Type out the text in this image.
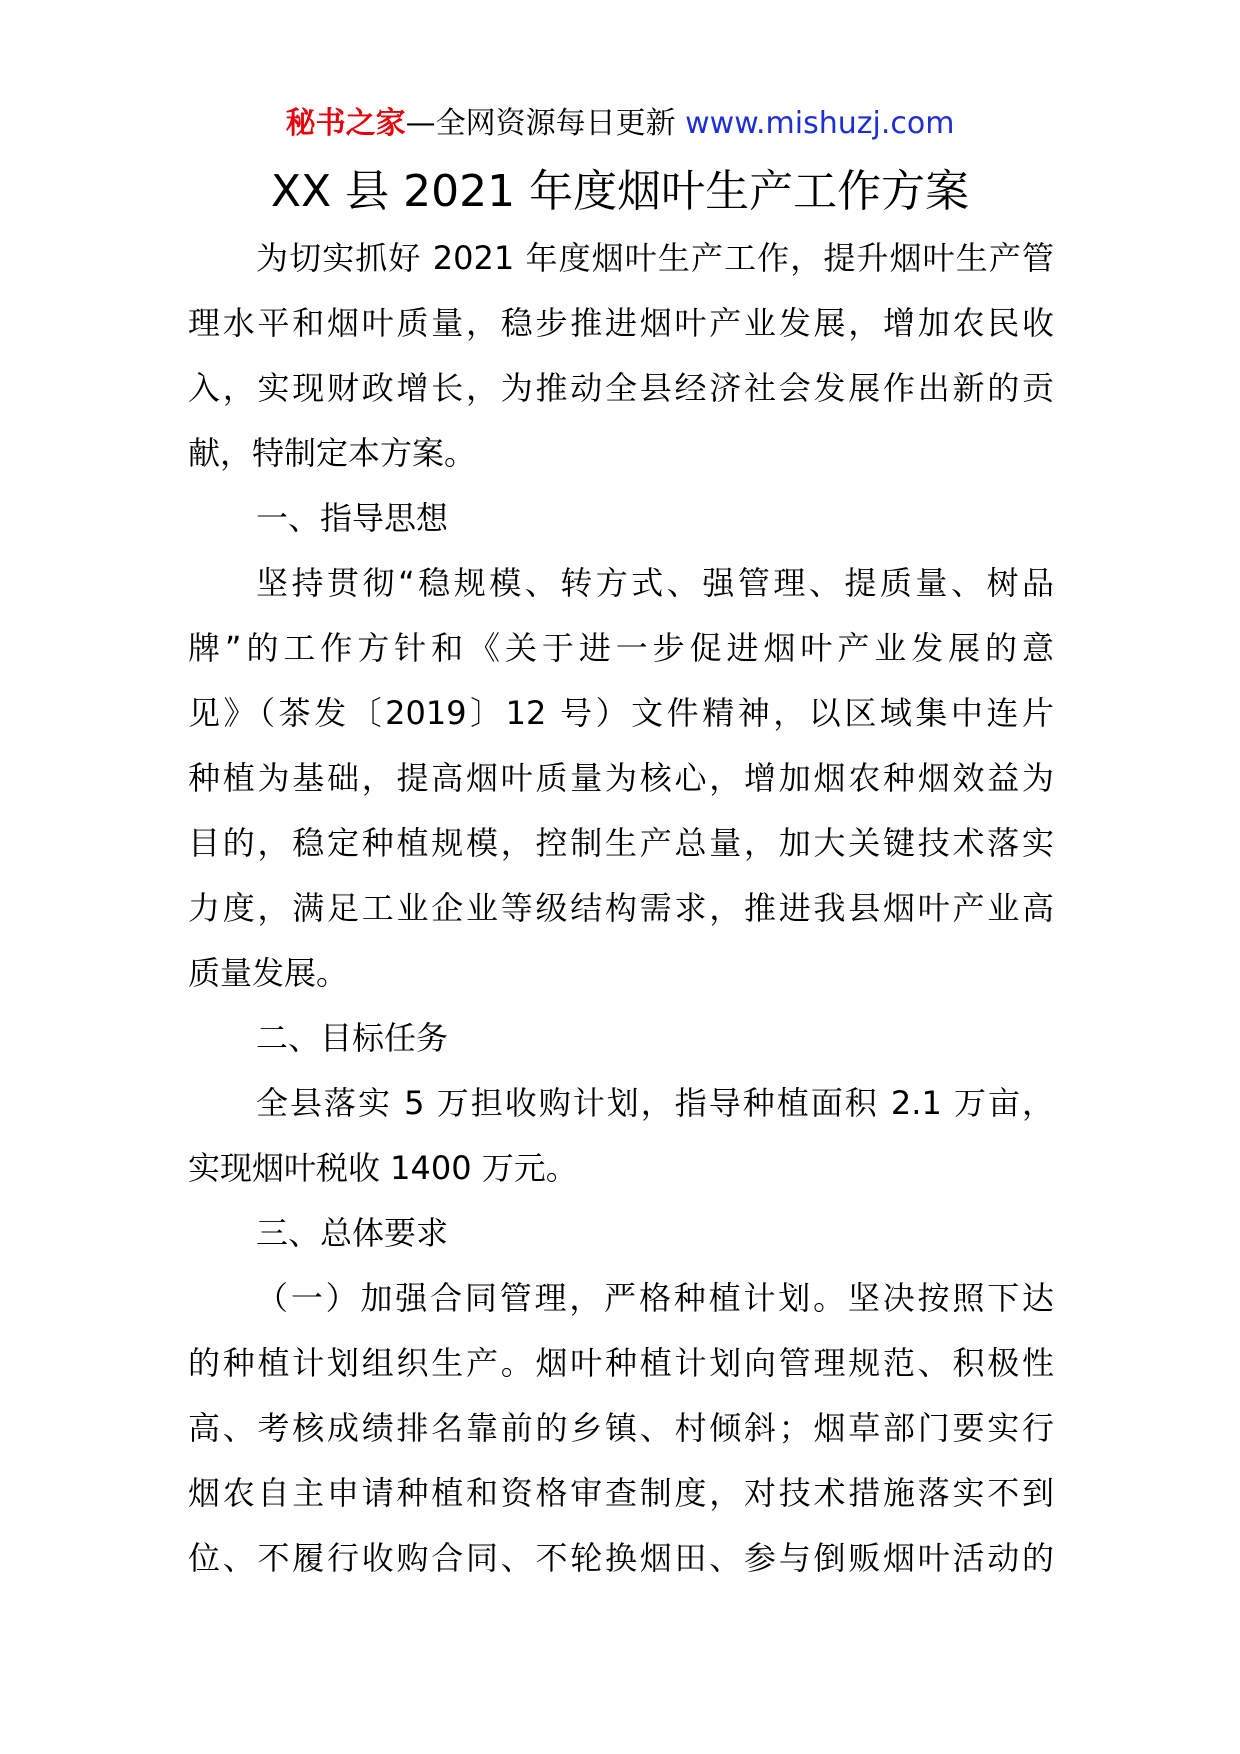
秘书之家—全网资源每日更新 www.mishuzj.com
XX 县 2021 年度烟叶生产工作方案
为切实抓好 2021 年度烟叶生产工作，提升烟叶生产管
理水平和烟叶质量，稳步推进烟叶产业发展，增加农民收
入，实现财政增长，为推动全县经济社会发展作出新的贡
献，特制定本方案。
一、指导思想
坚持贯彻“稳规模、转方式、强管理、提质量、树品
牌”的工作方针和《关于进一步促进烟叶产业发展的意
见》（茶发〔2019〕12 号）文件精神，以区域集中连片
种植为基础，提高烟叶质量为核心，增加烟农种烟效益为
目的，稳定种植规模，控制生产总量，加大关键技术落实
力度，满足工业企业等级结构需求，推进我县烟叶产业高
质量发展。
二、目标任务
全县落实 5 万担收购计划，指导种植面积 2.1 万亩，
实现烟叶税收 1400 万元。
三、总体要求
（一）加强合同管理，严格种植计划。坚决按照下达
的种植计划组织生产。烟叶种植计划向管理规范、积极性
高、考核成绩排名靠前的乡镇、村倾斜；烟草部门要实行
烟农自主申请种植和资格审查制度，对技术措施落实不到
位、不履行收购合同、不轮换烟田、参与倒贩烟叶活动的
